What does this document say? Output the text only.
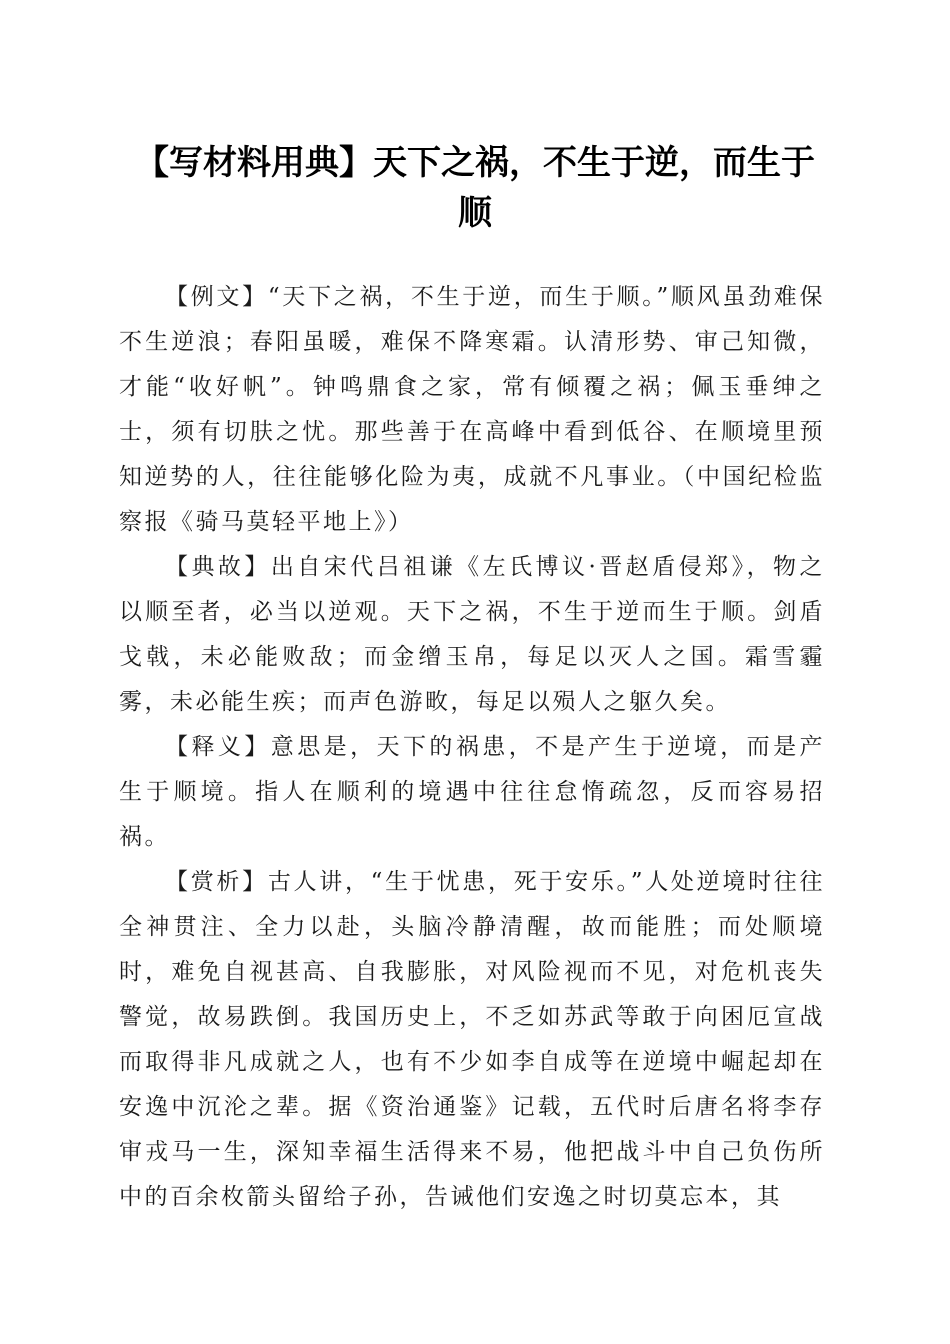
【写材料用典】天下之祸，不生于逆，而生于顺

【例文】“天下之祸，不生于逆，而生于顺。”顺风虽劲难保不生逆浪；春阳虽暖，难保不降寒霜。认清形势、审己知微，才能“收好帆”。钟鸣鼎食之家，常有倾覆之祸；佩玉垂绅之士，须有切肤之忧。那些善于在高峰中看到低谷、在顺境里预知逆势的人，往往能够化险为夷，成就不凡事业。（中国纪检监察报《骑马莫轻平地上》）

【典故】出自宋代吕祖谦《左氏博议·晋赵盾侵郑》，物之以顺至者，必当以逆观。天下之祸，不生于逆而生于顺。剑盾戈戟，未必能败敌；而金缯玉帛，每足以灭人之国。霜雪霾雾，未必能生疾；而声色游畋，每足以殒人之躯久矣。

【释义】意思是，天下的祸患，不是产生于逆境，而是产生于顺境。指人在顺利的境遇中往往怠惰疏忽，反而容易招祸。

【赏析】古人讲，“生于忧患，死于安乐。”人处逆境时往往全神贯注、全力以赴，头脑冷静清醒，故而能胜；而处顺境时，难免自视甚高、自我膨胀，对风险视而不见，对危机丧失警觉，故易跌倒。我国历史上，不乏如苏武等敢于向困厄宣战而取得非凡成就之人，也有不少如李自成等在逆境中崛起却在安逸中沉沦之辈。据《资治通鉴》记载，五代时后唐名将李存审戎马一生，深知幸福生活得来不易，他把战斗中自己负伤所中的百余枚箭头留给子孙，告诫他们安逸之时切莫忘本，其
